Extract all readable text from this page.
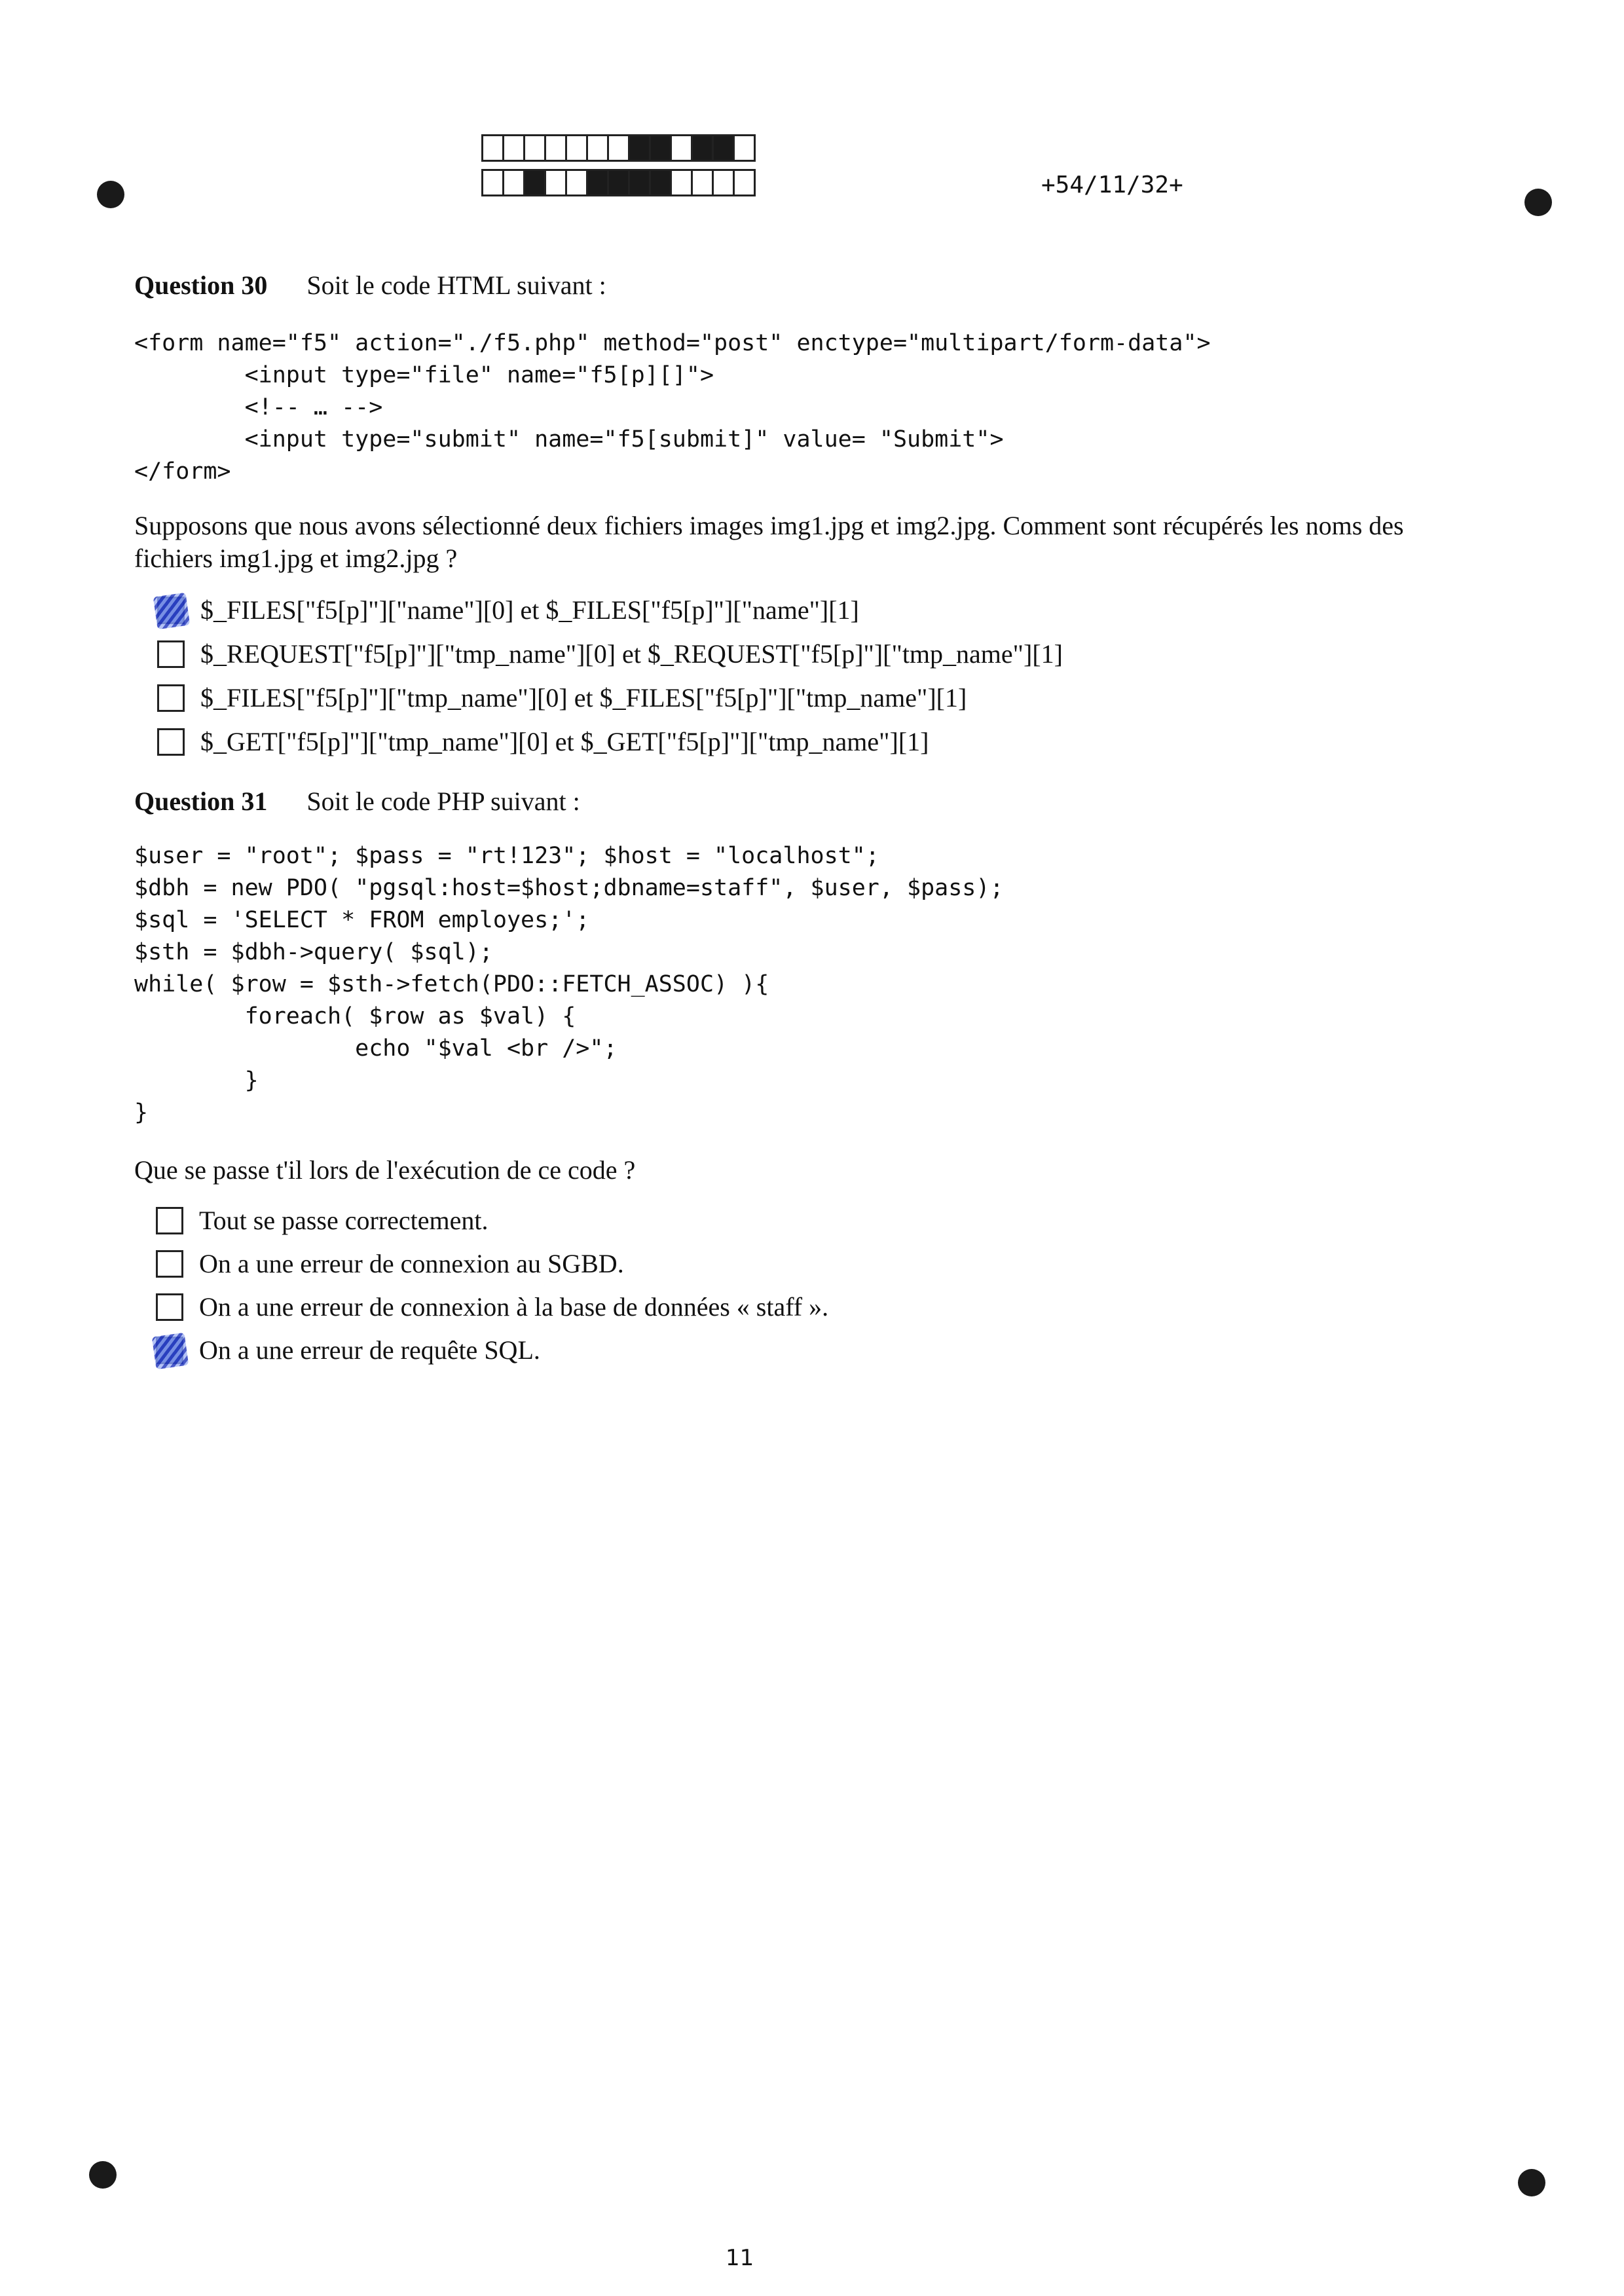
+54/11/32+
Question 30 Soit le code HTML suivant :
<form name="f5" action="./f5.php" method="post" enctype="multipart/form-data">
<input type="file" name="f5[p][]">
<!-- … -->
<input type="submit" name="f5[submit]" value= "Submit">
</form>
Supposons que nous avons sélectionné deux fichiers images img1.jpg et img2.jpg. Comment sont récupérés les noms des
fichiers img1.jpg et img2.jpg ?
$_FILES["f5[p]"]["name"][0] et $_FILES["f5[p]"]["name"][1]
$_REQUEST["f5[p]"]["tmp_name"][0] et $_REQUEST["f5[p]"]["tmp_name"][1]
$_FILES["f5[p]"]["tmp_name"][0] et $_FILES["f5[p]"]["tmp_name"][1]
$_GET["f5[p]"]["tmp_name"][0] et $_GET["f5[p]"]["tmp_name"][1]
Question 31 Soit le code PHP suivant :
$user = "root"; $pass = "rt!123"; $host = "localhost";
$dbh = new PDO( "pgsql:host=$host;dbname=staff", $user, $pass);
$sql = 'SELECT * FROM employes;';
$sth = $dbh->query( $sql);
while( $row = $sth->fetch(PDO::FETCH_ASSOC) ){
foreach( $row as $val) {
echo "$val <br />";
}
}
Que se passe t'il lors de l'exécution de ce code ?
Tout se passe correctement.
On a une erreur de connexion au SGBD.
On a une erreur de connexion à la base de données « staff ».
On a une erreur de requête SQL.
11
